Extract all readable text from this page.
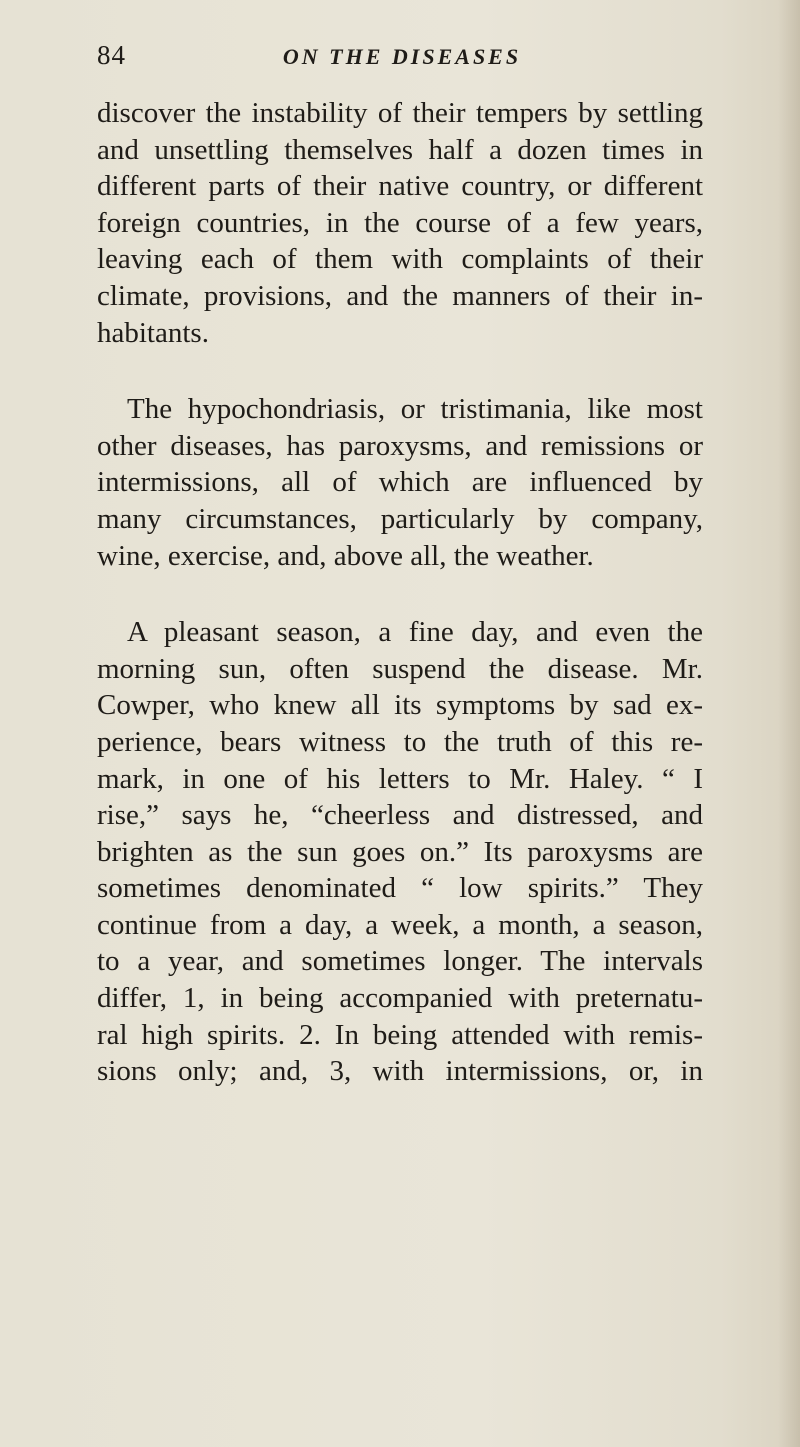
84	ON THE DISEASES
discover the instability of their tempers by settling
and unsettling themselves half a dozen times in
different parts of their native country, or different
foreign countries, in the course of a few years,
leaving each of them with complaints of their
climate, provisions, and the manners of their in-
habitants.
The hypochondriasis, or tristimania, like most
other diseases, has paroxysms, and remissions or
intermissions, all of which are influenced by
many circumstances, particularly by company,
wine, exercise, and, above all, the weather.
A pleasant season, a fine day, and even the
morning sun, often suspend the disease. Mr.
Cowper, who knew all its symptoms by sad ex-
perience, bears witness to the truth of this re-
mark, in one of his letters to Mr. Haley. “ I
rise,” says he, “cheerless and distressed, and
brighten as the sun goes on.” Its paroxysms are
sometimes denominated “ low spirits.” They
continue from a day, a week, a month, a season,
to a year, and sometimes longer. The intervals
differ, 1, in being accompanied with preternatu-
ral high spirits. 2. In being attended with remis-
sions only; and, 3, with intermissions, or, in
